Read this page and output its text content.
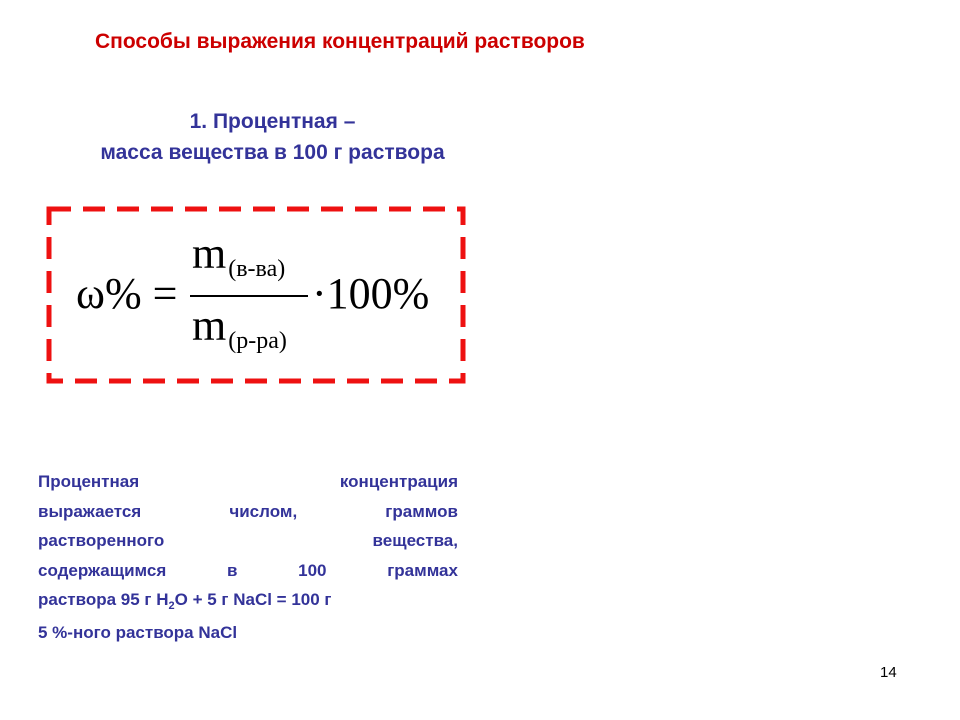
Способы выражения концентраций растворов
1. Процентная –
масса вещества в 100 г раствора
ω% =
m(в-ва)
m(р-ра)
·100%
Процентная	концентрация
выражается	числом,	граммов
растворенного	вещества,
содержащимся	в	100	граммах
раствора 95 г $H_2O + 5$ г NaCl = 100 г
5 %-ного раствора NaCl
14
